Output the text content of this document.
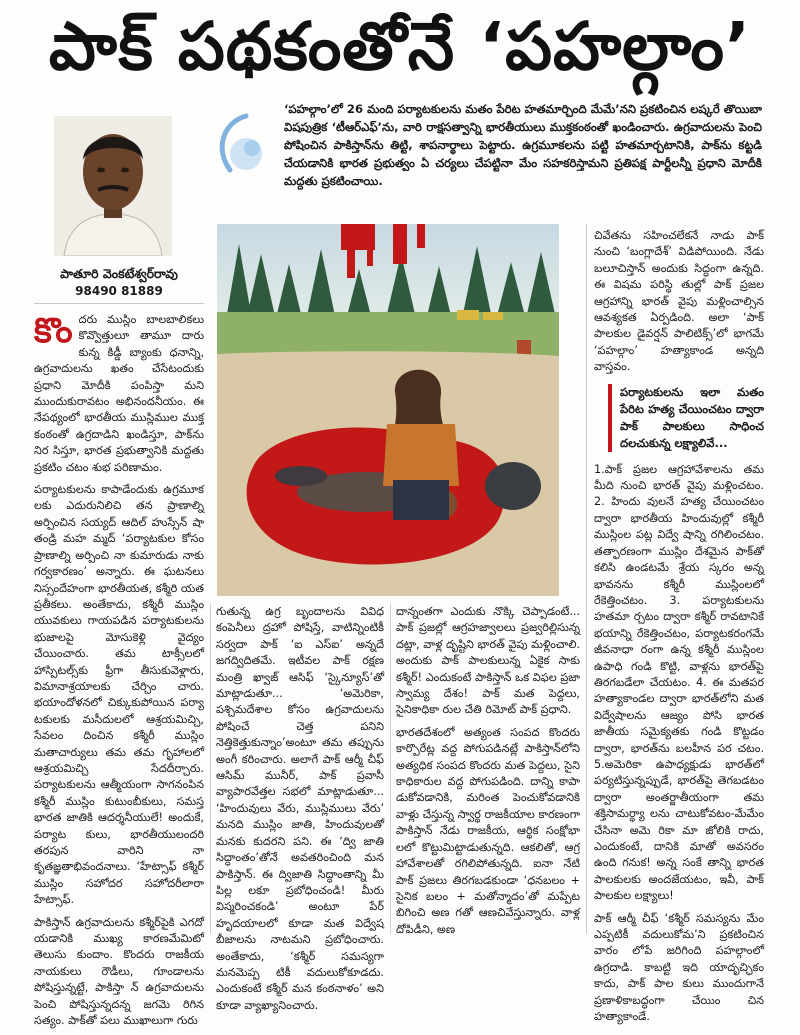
పాక్ పథకంతోనే ‘పహల్గాం’
‘పహల్గాం’లో 26 మంది పర్యాటకులను మతం పేరిట హతమార్చింది మేమే’నని ప్రకటించిన లష్కరే తొయిబా విషపుత్రిక ‘టీఆర్‌ఎఫ్’ను, వారి రాక్షసత్వాన్ని భారతీయులు ముక్తకంఠంతో ఖండించారు. ఉగ్రవాదులను పెంచి పోషించిన పాకిస్తాన్‌ను తిట్టి, శాపనార్థాలు పెట్టారు. ఉగ్రమూకలను పట్టి హతమార్చటానికి, పాక్‌ను కట్టడి చేయడానికి భారత ప్రభుత్వం ఏ చర్యలు చేపట్టినా మేం సహకరిస్తామని ప్రతిపక్ష పార్టీలన్నీ ప్రధాని మోదీకి మద్దతు ప్రకటించాయి.
పాతూరి వెంకటేశ్వర్‌రావు
98490 81889

కొందరు ముస్లిం బాలబాలికలు కొవ్వొత్తులూ తామూ దారు కున్న కిడ్డీ బ్యాంకు ధనాన్ని, ఉగ్రవాదులను ఖతం చేసేటందుకు ప్రధాని మోదీకి పంపిస్తా మని ముందుకురావటం అభినందనీయం. ఈ నేపథ్యంలో భారతీయ ముస్లిముల ముక్త కంఠంతో ఉగ్రదాడిని ఖండిస్తూ, పాక్‌ను నిర సిస్తూ, భారత ప్రభుత్వానికి మద్దతు ప్రకటిం చటం శుభ పరిణామం.

పర్యాటకులను కాపాడేందుకు ఉగ్రమూక లకు ఎదురునిలిచి తన ప్రాణాల్ని అర్పించిన సయ్యద్ ఆదిల్ హుస్సేన్ షా తండ్రి మహ మ్మద్ ‘పర్యాటకుల కోసం ప్రాణాల్ని అర్పించి నా కుమారుడు నాకు గర్వకారణం’ అన్నారు. ఈ ఘటనలు నిస్సందేహంగా భారతీయత, కశ్మీరి యత ప్రతీకలు. అంతేకాదు, కశ్మీరీ ముస్లిం యువకులు గాయపడిన పర్యాటకులను భుజాలపై మోసుకెళ్లి వైద్యం చేయించారు. తమ టాక్సీలలో హాస్పిటల్స్‌కు ఫ్రీగా తీసుకువెళ్లారు, విమానాశ్రయాలకు చేర్చిం చారు. భయాందోళనలో చిక్కుకుపోయిన పర్యా టకులకు మసీదులలో ఆశ్రయమిచ్చి, సేవలం దించిన కశ్మీరీ ముస్లిం మతాచార్యులు తమ తమ గృహాలలో ఆశ్రయమిచ్చి సేదదీర్చారు. పర్యాటకులను ఆత్మీయంగా సాగనంపిన కశ్మీరీ ముస్లిం కుటుంబీకులు, సమస్త భారత జాతికి ఆదర్శనీయులే! అందుకే, పర్యాట కులు, భారతీయులందరి తరపున వారిని నా కృతజ్ఞతాభివందనాలు. ‘హేట్సాఫ్ కశ్మీర్ ముస్లిం సహోదర సహోదరీలారా హేట్సాఫ్.

పాకిస్తాన్ ఉగ్రవాదులను కశ్మీర్‌పైకి ఎగదో యడానికి ముఖ్య కారణమేమిటో తెలుసు కుందాం. కొందరు రాజకీయ నాయకులు రౌడీలు, గూండాలను పోషిస్తున్నట్టే, పాకిస్తా న్ ఉగ్రవాదులను పెంచి పోషిస్తున్నదన్న జగమె రిగిన సత్యం. పాక్‌తో పలు ముఖాలుగా గురు

గుతున్న ఉగ్ర బృందాలను వివిధ కంపెనీలు ద్రహో పోషిస్తే, వాటిన్నింటికీ సర్వదా పాక్ ‘ఐ ఎస్ఐ’ అన్నదే జగద్విదితమే. ఇటీవల పాక్ రక్షణ మంత్రి ఖ్వాజ్ ఆసిఫ్ ‘స్కైన్యూస్’తో మాట్లాడుతూ... ‘అమెరికా, పశ్చిమదేశాల కోసం ఉగ్రవాదులను పోషించే చెత్త పనిని నెత్తికెత్తుకున్నాం’అంటూ తమ తప్పును అంగీ కరించారు. అలాగే పాక్ ఆర్మీ చీఫ్ ఆసిమ్ మునీర్, పాక్ ప్రవాసీ వ్యాపారవేత్తల సభలో మాట్లాడుతూ... ‘హిందువులు వేరు, ముస్లిములు వేరు’ మనది ముస్లిం జాతి, హిందువులతో మనకు కుదరని పని. ఈ ‘ద్వి జాతి సిద్ధాంతం’తోనే అవతరించింది మన పాకిస్తాన్. ఈ ద్విజాతి సిద్ధాంతాన్ని మీ పిల్ల లకూ ప్రబోధించండి! మీరు విస్మరించకండి’ అంటూ పేర్ హృదయాలలో కూడా మత విద్వేష బీజాలను నాటమని ప్రబోధించారు. అంతేకాదు, ‘కశ్మీర్ సమస్యగా మనమెప్ప టికీ వదులుకోకూడదు. ఎందుకంటే కశ్మీర్ మన కంఠనాళం’ అని కూడా వ్యాఖ్యానించారు.

దాన్నంతగా ఎందుకు నొక్కి చెప్పాడంటే... పాక్ ప్రజల్లో ఆగ్రహజ్వాలలు ప్రజ్వరిల్లిసున్న దట్లా, వాళ్ల దృష్టిని భారత్ వైపు మళ్లించాలి. అందుకు పాక్ పాలకులున్న ఏకైక సాకు కశ్మీర్! ఎందుకంటే పాకిస్తాన్ ఒక విఫల ప్రజా స్వామ్య దేశం! పాక్ మత పెద్దలు, సైనికాధికా రుల చేతి రిమోట్ పాక్ ప్రధాని.

భారతదేశంలో అత్యంత సంపద కొందరు కార్పొరేట్ల వద్ద పోగుపడినట్లే పాకిస్తాన్‌లోని అత్యధిక సంపద కొందరు మత పెద్దలు, సైని కాధికారుల వద్ద పోగుపడింది. దాన్ని కాపా డుకోవడానికి, మరింత పెంచుకోవడానికి వాళ్లు చేస్తున్న స్వార్థ రాజకీయాల కారణంగా పాకిస్తాన్ నేడు రాజకీయ, ఆర్థిక సంక్షోభా లలో కొట్టుమిట్టాడుతున్నది. ఆకలితో, ఆగ్ర హావేశాలతో రగిలిపోతున్నది. ఐనా నేటి పాక్ ప్రజలు తిరగబడకుండా ‘ధనబలం + సైనిక బలం + మతోన్మాదం’తో మప్పేట బిగించి అణ గతో ఆణచివేస్తున్నారు. వాళ్ల దోపిడీని, అణ

చివేతను సహించలేకనే నాడు పాక్ నుంచి ‘బంగ్లాదేశ్’ విడిపోయింది. నేడు బలూచిస్తాన్ అందుకు సిద్ధంగా ఉన్నది. ఈ విషమ పరిస్థి తుల్లో పాక్ ప్రజల ఆగ్రహాన్ని భారత్ వైపు మళ్లించాల్సిన ఆవశ్యకత ఏర్పడింది. అలా ‘పాక్ పాలకుల డైవర్షన్ పాలిటిక్స్’లో భాగమే ‘పహల్గాం’ హత్యాకాండ అన్నది వాస్తవం.

పర్యాటకులను ఇలా మతం పేరిట హత్య చేయించటం ద్వారా పాక్ పాలకులు సాధించ దలచుకున్న లక్ష్యాలివే...

1.పాక్ ప్రజల ఆగ్రహావేశాలను తమ మీది నుంచి భారత్ వైపు మళ్లించటం. 2. హిందు వులనే హత్య చేయించటం ద్వారా భారతీయ హిందువుల్లో కశ్మీరీ ముస్లింల పట్ల విద్వే షాన్ని రగిలించటం. తత్ఫారణంగా ముస్లిం దేశమైన పాక్‌తో కలిసి ఉండటమే శ్రేయ స్కరం అన్న భావనను కశ్మీరీ ముస్లింలలో రేకెత్తించటం. 3. పర్యాటకులను హతమా ర్చటం ద్వారా కశ్మీర్ రావటానికే భయాన్ని రేకెత్తించటం, పర్యాటకరంగమే జీవనాధా రంగా ఉన్న కశ్మీరీ ముస్లింల ఉపాధి గండి కొట్టి, వాళ్లను భారత్‌పై తిరగబడేలా చేయటం. 4. ఈ మతపర హత్యాకాండల ద్వారా భారత్‌లోని మత విద్వేషాలను ఆజ్యం పోసి భారత జాతీయ సమైక్యతకు గండి కొట్టడం ద్వారా, భారత్‌ను బలహీన పర చటం. 5.అమెరికా ఉపాధ్యక్షుడు భారత్‌లో పర్యటిస్తున్నప్పుడే, భారత్‌పై తెగబడటం ద్వారా అంతర్జాతీయంగా తమ శక్తిసామర్థ్యా లను చాటుకోవటం-మేమేం చేసినా అమె రికా మా జోలికి రాదు, ఎందుకంటే, దానికి మాతో అవసరం ఉంది గనుక! అన్న సంకే తాన్ని భారత పాలకులకు అందజేయటం, ఇవీ, పాక్ పాలకుల లక్ష్యాలు!

పాక్ ఆర్మీ చీఫ్ ‘కశ్మీర్ సమస్యను మేం ఎప్పటికీ వదులుకోమ’ని ప్రకటించిన వారం లోపే జరిగింది పహల్గాంలో ఉగ్రదాడి. కాబట్టి ఇది యాదృచ్ఛికం కాదు, పాక్ పాల కులు ముందుగానే ప్రణాళికాబద్ధంగా చేయిం చిన హత్యాకాండే.
